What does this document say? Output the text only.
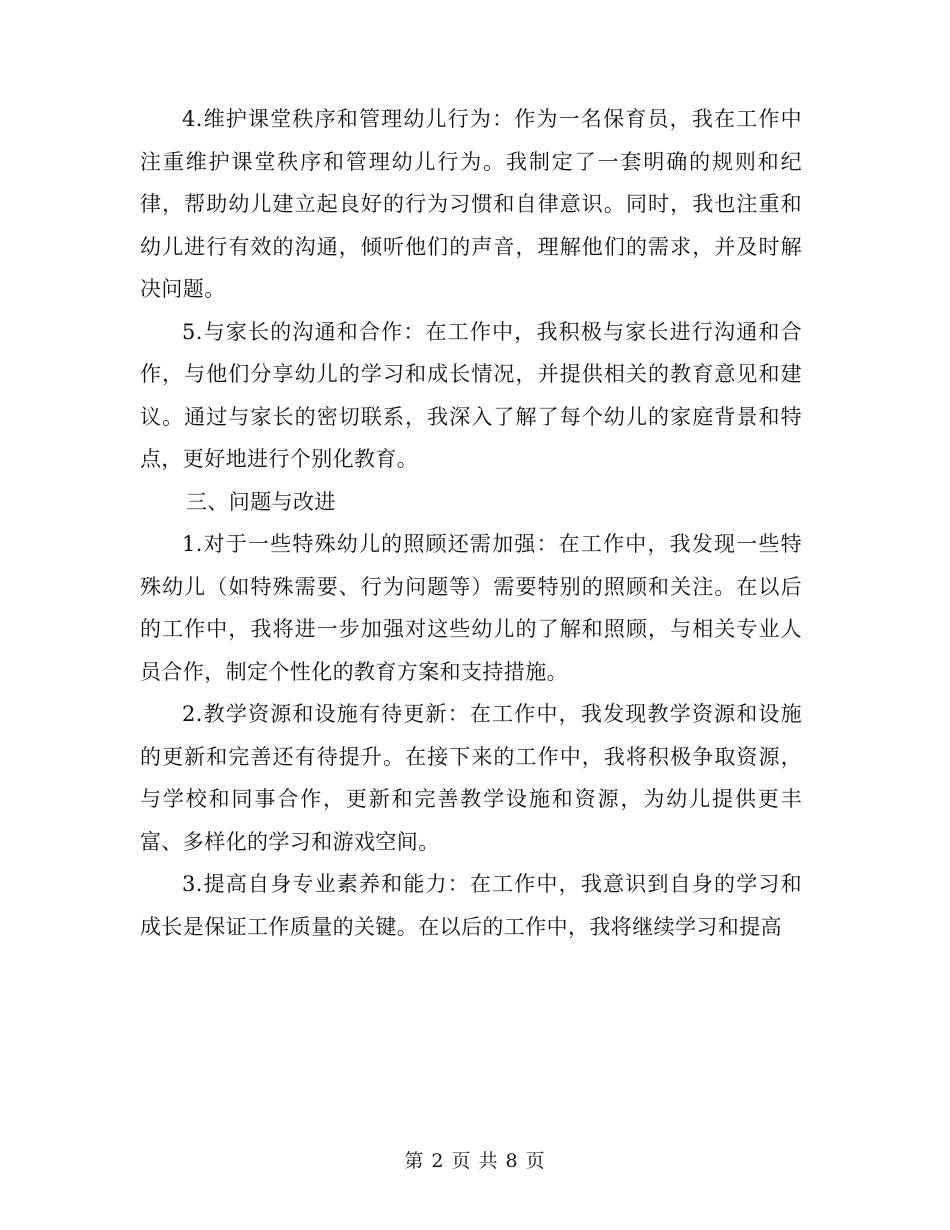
4.维护课堂秩序和管理幼儿行为：作为一名保育员，我在工作中注重维护课堂秩序和管理幼儿行为。我制定了一套明确的规则和纪律，帮助幼儿建立起良好的行为习惯和自律意识。同时，我也注重和幼儿进行有效的沟通，倾听他们的声音，理解他们的需求，并及时解决问题。

5.与家长的沟通和合作：在工作中，我积极与家长进行沟通和合作，与他们分享幼儿的学习和成长情况，并提供相关的教育意见和建议。通过与家长的密切联系，我深入了解了每个幼儿的家庭背景和特点，更好地进行个别化教育。

三、问题与改进

1.对于一些特殊幼儿的照顾还需加强：在工作中，我发现一些特殊幼儿（如特殊需要、行为问题等）需要特别的照顾和关注。在以后的工作中，我将进一步加强对这些幼儿的了解和照顾，与相关专业人员合作，制定个性化的教育方案和支持措施。

2.教学资源和设施有待更新：在工作中，我发现教学资源和设施的更新和完善还有待提升。在接下来的工作中，我将积极争取资源，与学校和同事合作，更新和完善教学设施和资源，为幼儿提供更丰富、多样化的学习和游戏空间。

3.提高自身专业素养和能力：在工作中，我意识到自身的学习和成长是保证工作质量的关键。在以后的工作中，我将继续学习和提高

第 2 页 共 8 页
